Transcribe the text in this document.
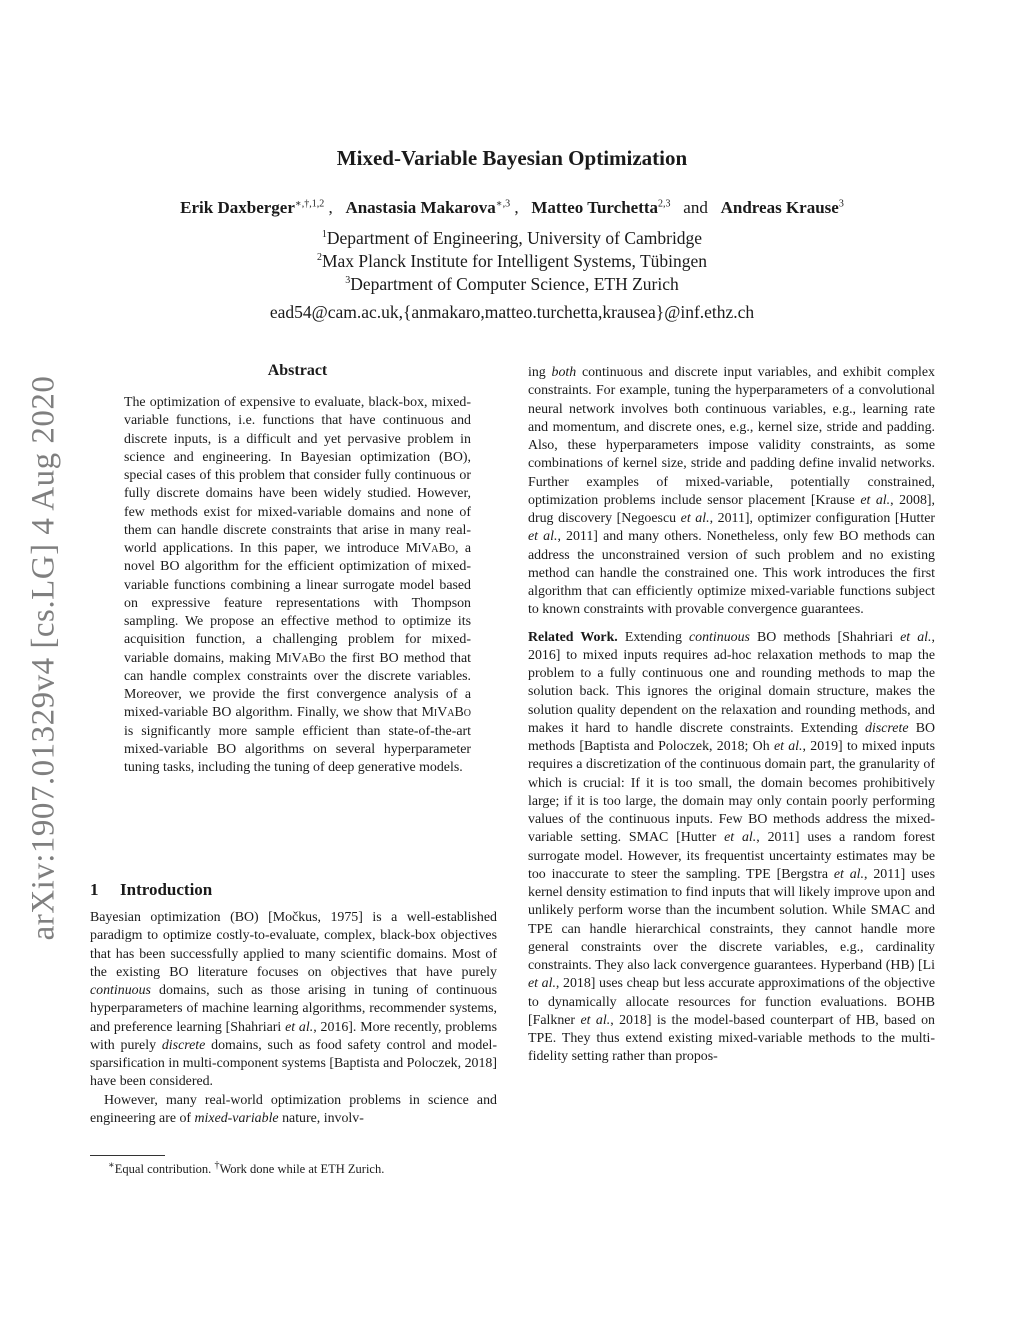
Mixed-Variable Bayesian Optimization
Erik Daxberger$^{∗,\dagger,1,2}$ , Anastasia Makarova$^{∗,3}$ , Matteo Turchetta$^{2,3}$ and Andreas Krause$^3$
$^1$Department of Engineering, University of Cambridge
$^2$Max Planck Institute for Intelligent Systems, Tübingen
$^3$Department of Computer Science, ETH Zurich
ead54@cam.ac.uk,{anmakaro,matteo.turchetta,krausea}@inf.ethz.ch
arXiv:1907.01329v4 [cs.LG] 4 Aug 2020
Abstract

The optimization of expensive to evaluate, black-box, mixed-variable functions, i.e. functions that have continuous and discrete inputs, is a difficult and yet pervasive problem in science and engineering. In Bayesian optimization (BO), special cases of this problem that consider fully continuous or fully discrete domains have been widely studied. However, few methods exist for mixed-variable domains and none of them can handle discrete constraints that arise in many real-world applications. In this paper, we introduce MiVaBo, a novel BO algorithm for the efficient optimization of mixed-variable functions combining a linear surrogate model based on expressive feature representations with Thompson sampling. We propose an effective method to optimize its acquisition function, a challenging problem for mixed-variable domains, making MiVaBo the first BO method that can handle complex constraints over the discrete variables. Moreover, we provide the first convergence analysis of a mixed-variable BO algorithm. Finally, we show that MiVaBo is significantly more sample efficient than state-of-the-art mixed-variable BO algorithms on several hyperparameter tuning tasks, including the tuning of deep generative models.

1 Introduction

Bayesian optimization (BO) [Močkus, 1975] is a well-established paradigm to optimize costly-to-evaluate, complex, black-box objectives that has been successfully applied to many scientific domains. Most of the existing BO literature focuses on objectives that have purely continuous domains, such as those arising in tuning of continuous hyperparameters of machine learning algorithms, recommender systems, and preference learning [Shahriari et al., 2016]. More recently, problems with purely discrete domains, such as food safety control and model-sparsification in multi-component systems [Baptista and Poloczek, 2018] have been considered.

However, many real-world optimization problems in science and engineering are of mixed-variable nature, involv-

∗Equal contribution. †Work done while at ETH Zurich.

ing both continuous and discrete input variables, and exhibit complex constraints. For example, tuning the hyperparameters of a convolutional neural network involves both continuous variables, e.g., learning rate and momentum, and discrete ones, e.g., kernel size, stride and padding. Also, these hyperparameters impose validity constraints, as some combinations of kernel size, stride and padding define invalid networks. Further examples of mixed-variable, potentially constrained, optimization problems include sensor placement [Krause et al., 2008], drug discovery [Negoescu et al., 2011], optimizer configuration [Hutter et al., 2011] and many others. Nonetheless, only few BO methods can address the unconstrained version of such problem and no existing method can handle the constrained one. This work introduces the first algorithm that can efficiently optimize mixed-variable functions subject to known constraints with provable convergence guarantees.

Related Work. Extending continuous BO methods [Shahriari et al., 2016] to mixed inputs requires ad-hoc relaxation methods to map the problem to a fully continuous one and rounding methods to map the solution back. This ignores the original domain structure, makes the solution quality dependent on the relaxation and rounding methods, and makes it hard to handle discrete constraints. Extending discrete BO methods [Baptista and Poloczek, 2018; Oh et al., 2019] to mixed inputs requires a discretization of the continuous domain part, the granularity of which is crucial: If it is too small, the domain becomes prohibitively large; if it is too large, the domain may only contain poorly performing values of the continuous inputs. Few BO methods address the mixed-variable setting. SMAC [Hutter et al., 2011] uses a random forest surrogate model. However, its frequentist uncertainty estimates may be too inaccurate to steer the sampling. TPE [Bergstra et al., 2011] uses kernel density estimation to find inputs that will likely improve upon and unlikely perform worse than the incumbent solution. While SMAC and TPE can handle hierarchical constraints, they cannot handle more general constraints over the discrete variables, e.g., cardinality constraints. They also lack convergence guarantees. Hyperband (HB) [Li et al., 2018] uses cheap but less accurate approximations of the objective to dynamically allocate resources for function evaluations. BOHB [Falkner et al., 2018] is the model-based counterpart of HB, based on TPE. They thus extend existing mixed-variable methods to the multi-fidelity setting rather than propos-
